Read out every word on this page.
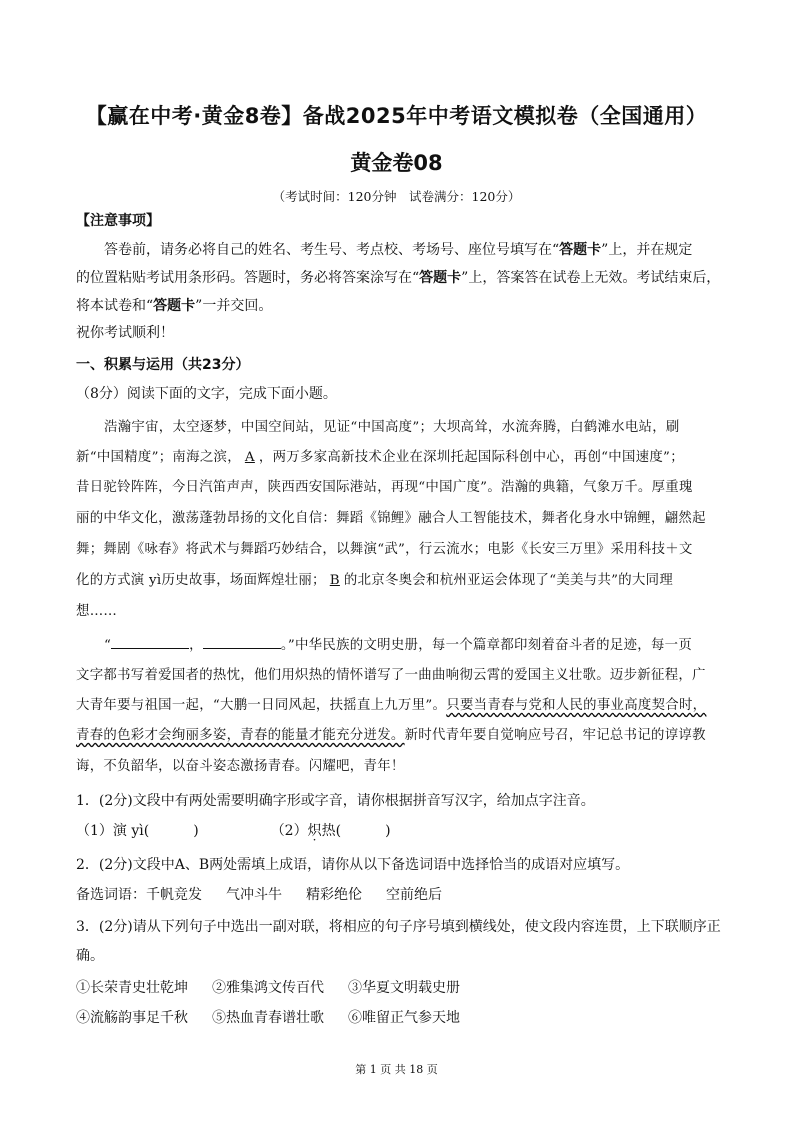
【赢在中考·黄金8卷】备战2025年中考语文模拟卷（全国通用）
黄金卷08
（考试时间：120分钟　试卷满分：120分）
【注意事项】
答卷前，请务必将自己的姓名、考生号、考点校、考场号、座位号填写在“答题卡”上，并在规定
的位置粘贴考试用条形码。答题时，务必将答案涂写在“答题卡”上，答案答在试卷上无效。考试结束后，
将本试卷和“答题卡”一并交回。
祝你考试顺利！
一、积累与运用（共23分）
（8分）阅读下面的文字，完成下面小题。
浩瀚宇宙，太空逐梦，中国空间站，见证“中国高度”；大坝高耸，水流奔腾，白鹤滩水电站，刷
新“中国精度”；南海之滨， A ，两万多家高新技术企业在深圳托起国际科创中心，再创“中国速度”；
昔日驼铃阵阵，今日汽笛声声，陕西西安国际港站，再现“中国广度”。浩瀚的典籍，气象万千。厚重瑰
丽的中华文化，激荡蓬勃昂扬的文化自信：舞蹈《锦鲤》融合人工智能技术，舞者化身水中锦鲤，翩然起
舞；舞剧《咏春》将武术与舞蹈巧妙结合，以舞演“武”，行云流水；电影《长安三万里》采用科技＋文
化的方式演 yì历史故事，场面辉煌壮丽； B 的北京冬奥会和杭州亚运会体现了“美美与共”的大同理
想……
“	，	。”中华民族的文明史册，每一个篇章都印刻着奋斗者的足迹，每一页
文字都书写着爱国者的热忱，他们用炽热的情怀谱写了一曲曲响彻云霄的爱国主义壮歌。迈步新征程，广
大青年要与祖国一起，“大鹏一日同风起，扶摇直上九万里”。只要当青春与党和人民的事业高度契合时，
青春的色彩才会绚丽多姿，青春的能量才能充分迸发。新时代青年要自觉响应号召，牢记总书记的谆谆教
诲，不负韶华，以奋斗姿态激扬青春。闪耀吧，青年！
1．(2分)文段中有两处需要明确字形或字音，请你根据拼音写汉字，给加点字注音。
（1）演 yì(	)	（2）炽热(	)
2．(2分)文段中A、B两处需填上成语，请你从以下备选词语中选择恰当的成语对应填写。
备选词语：千帆竞发 气冲斗牛 精彩绝伦 空前绝后
3．(2分)请从下列句子中选出一副对联，将相应的句子序号填到横线处，使文段内容连贯，上下联顺序正
确。
①长荣青史壮乾坤 ②雅集鸿文传百代 ③华夏文明载史册
④流觞韵事足千秋 ⑤热血青春谱壮歌 ⑥唯留正气参天地
第 1 页 共 18 页
